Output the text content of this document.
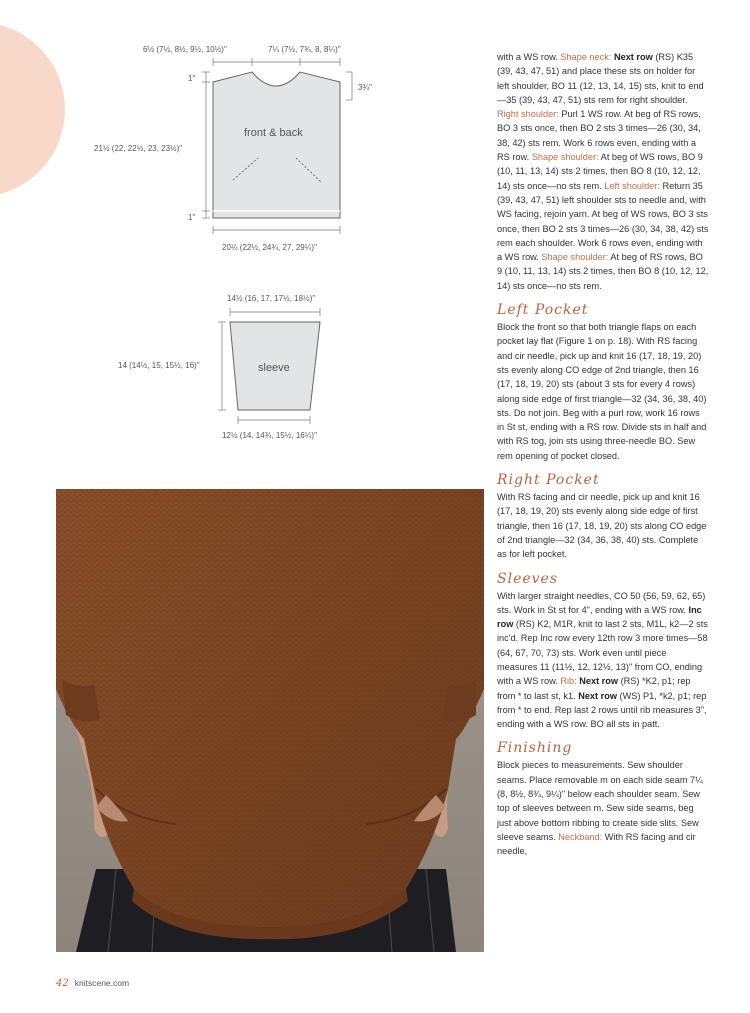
Designer
6½ (7½, 8½, 9½, 10½)"	7¼ (7½, 7¾, 8, 8¼)"
front & back
3¾"
1"
21½ (22, 22½, 23, 23½)"
1"
20¼ (22½, 24¾, 27, 29¼)"
14½ (16, 17, 17½, 18½)"
sleeve
14 (14½, 15, 15½, 16)"
12½ (14, 14¾, 15½, 16¼)"

with a WS row. Shape neck: Next row (RS) K35 (39, 43, 47, 51) and place these sts on holder for left shoulder, BO 11 (12, 13, 14, 15) sts, knit to end—35 (39, 43, 47, 51) sts rem for right shoulder. Right shoulder: Purl 1 WS row. At beg of RS rows, BO 3 sts once, then BO 2 sts 3 times—26 (30, 34, 38, 42) sts rem. Work 6 rows even, ending with a RS row. Shape shoulder: At beg of WS rows, BO 9 (10, 11, 13, 14) sts 2 times, then BO 8 (10, 12, 12, 14) sts once—no sts rem. Left shoulder: Return 35 (39, 43, 47, 51) left shoulder sts to needle and, with WS facing, rejoin yarn. At beg of WS rows, BO 3 sts once, then BO 2 sts 3 times—26 (30, 34, 38, 42) sts rem each shoulder. Work 6 rows even, ending with a WS row. Shape shoulder: At beg of RS rows, BO 9 (10, 11, 13, 14) sts 2 times, then BO 8 (10, 12, 12, 14) sts once—no sts rem.

Left Pocket

Block the front so that both triangle flaps on each pocket lay flat (Figure 1 on p. 18). With RS facing and cir needle, pick up and knit 16 (17, 18, 19, 20) sts evenly along CO edge of 2nd triangle, then 16 (17, 18, 19, 20) sts (about 3 sts for every 4 rows) along side edge of first triangle—32 (34, 36, 38, 40) sts. Do not join. Beg with a purl row, work 16 rows in St st, ending with a RS row. Divide sts in half and with RS tog, join sts using three-needle BO. Sew rem opening of pocket closed.

Right Pocket

With RS facing and cir needle, pick up and knit 16 (17, 18, 19, 20) sts evenly along side edge of first triangle, then 16 (17, 18, 19, 20) sts along CO edge of 2nd triangle—32 (34, 36, 38, 40) sts. Complete as for left pocket.

Sleeves

With larger straight needles, CO 50 (56, 59, 62, 65) sts. Work in St st for 4", ending with a WS row. Inc row (RS) K2, M1R, knit to last 2 sts, M1L, k2—2 sts inc'd. Rep Inc row every 12th row 3 more times—58 (64, 67, 70, 73) sts. Work even until piece measures 11 (11½, 12, 12½, 13)" from CO, ending with a WS row. Rib: Next row (RS) *K2, p1; rep from * to last st, k1. Next row (WS) P1, *k2, p1; rep from * to end. Rep last 2 rows until rib measures 3", ending with a WS row. BO all sts in patt.

Finishing

Block pieces to measurements. Sew shoulder seams. Place removable m on each side seam 7¼ (8, 8½, 8¾, 9¼)" below each shoulder seam. Sew top of sleeves between m. Sew side seams, beg just above bottom ribbing to create side slits. Sew sleeve seams. Neckband: With RS facing and cir needle,

42 knitscene.com
